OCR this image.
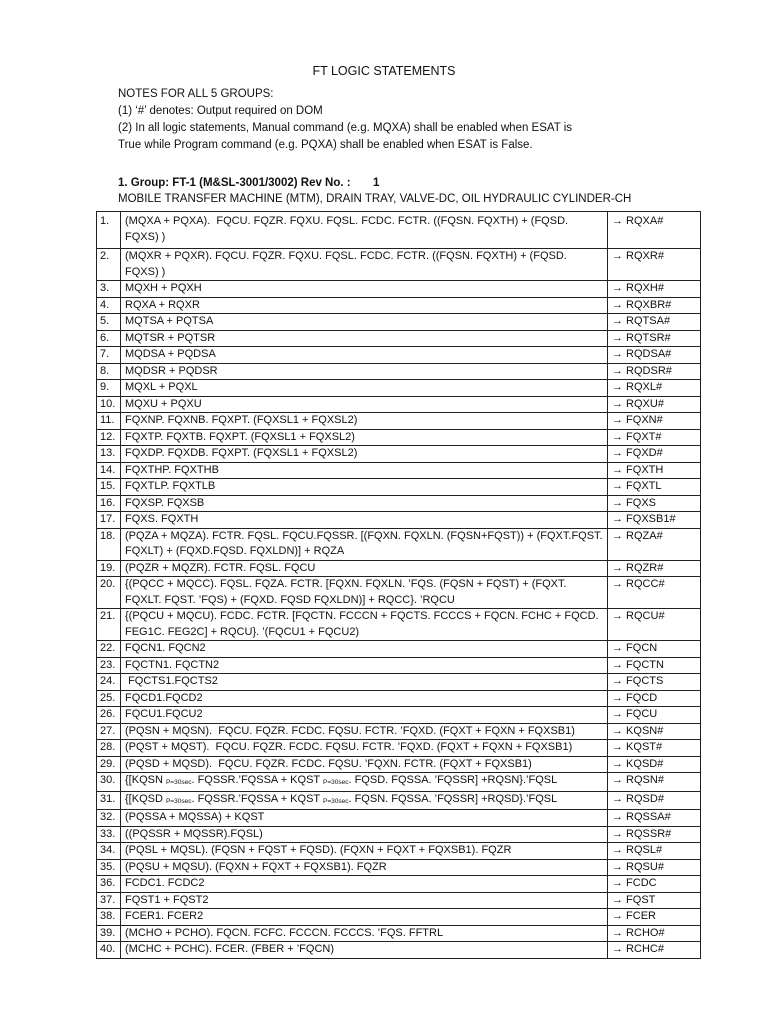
FT LOGIC STATEMENTS
NOTES FOR ALL 5 GROUPS:
(1) ‘#’ denotes: Output required on DOM
(2) In all logic statements, Manual command (e.g. MQXA) shall be enabled when ESAT is
True while Program command (e.g. PQXA) shall be enabled when ESAT is False.
1. Group: FT-1 (M&SL-3001/3002) Rev No. : 1
MOBILE TRANSFER MACHINE (MTM), DRAIN TRAY, VALVE-DC, OIL HYDRAULIC CYLINDER-CH
1.	(MQXA + PQXA).  FQCU. FQZR. FQXU. FQSL. FCDC. FCTR. ((FQSN. FQXTH) + (FQSD. FQXS) )	→ RQXA#
2.	(MQXR + PQXR). FQCU. FQZR. FQXU. FQSL. FCDC. FCTR. ((FQSN. FQXTH) + (FQSD. FQXS) )	→ RQXR#
3.	MQXH + PQXH	→ RQXH#
4.	RQXA + RQXR	→ RQXBR#
5.	MQTSA + PQTSA	→ RQTSA#
6.	MQTSR + PQTSR	→ RQTSR#
7.	MQDSA + PQDSA	→ RQDSA#
8.	MQDSR + PQDSR	→ RQDSR#
9.	MQXL + PQXL	→ RQXL#
10.	MQXU + PQXU	→ RQXU#
11.	FQXNP. FQXNB. FQXPT. (FQXSL1 + FQXSL2)	→ FQXN#
12.	FQXTP. FQXTB. FQXPT. (FQXSL1 + FQXSL2)	→ FQXT#
13.	FQXDP. FQXDB. FQXPT. (FQXSL1 + FQXSL2)	→ FQXD#
14.	FQXTHP. FQXTHB	→ FQXTH
15.	FQXTLP. FQXTLB	→ FQXTL
16.	FQXSP. FQXSB	→ FQXS
17.	FQXS. FQXTH	→ FQXSB1#
18.	(PQZA + MQZA). FCTR. FQSL. FQCU.FQSSR. [(FQXN. FQXLN. (FQSN+FQST)) + (FQXT.FQST. FQXLT) + (FQXD.FQSD. FQXLDN)] + RQZA	→ RQZA#
19.	(PQZR + MQZR). FCTR. FQSL. FQCU	→ RQZR#
20.	{(PQCC + MQCC). FQSL. FQZA. FCTR. [FQXN. FQXLN. ’FQS. (FQSN + FQST) + (FQXT. FQXLT. FQST. ’FQS) + (FQXD. FQSD FQXLDN)] + RQCC}. ’RQCU	→ RQCC#
21.	{(PQCU + MQCU). FCDC. FCTR. [FQCTN. FCCCN + FQCTS. FCCCS + FQCN. FCHC + FQCD. FEG1C. FEG2C] + RQCU}. ’(FQCU1 + FQCU2)	→ RQCU#
22.	FQCN1. FQCN2	→ FQCN
23.	FQCTN1. FQCTN2	→ FQCTN
24.	FQCTS1.FQCTS2	→ FQCTS
25.	FQCD1.FQCD2	→ FQCD
26.	FQCU1.FQCU2	→ FQCU
27.	(PQSN + MQSN).  FQCU. FQZR. FCDC. FQSU. FCTR. ’FQXD. (FQXT + FQXN + FQXSB1)	→ KQSN#
28.	(PQST + MQST).  FQCU. FQZR. FCDC. FQSU. FCTR. ’FQXD. (FQXT + FQXN + FQXSB1)	→ KQST#
29.	(PQSD + MQSD).  FQCU. FQZR. FCDC. FQSU. ’FQXN. FCTR. (FQXT + FQXSB1)	→ KQSD#
30.	{[KQSN $_{P=30sec}$. FQSSR.’FQSSA + KQST $_{P=30sec}$. FQSD. FQSSA. ’FQSSR] +RQSN}.’FQSL	→ RQSN#
31.	{[KQSD $_{P=30sec}$. FQSSR.’FQSSA + KQST $_{P=30sec}$. FQSN. FQSSA. ’FQSSR] +RQSD}.’FQSL	→ RQSD#
32.	(PQSSA + MQSSA) + KQST	→ RQSSA#
33.	((PQSSR + MQSSR).FQSL)	→ RQSSR#
34.	(PQSL + MQSL). (FQSN + FQST + FQSD). (FQXN + FQXT + FQXSB1). FQZR	→ RQSL#
35.	(PQSU + MQSU). (FQXN + FQXT + FQXSB1). FQZR	→ RQSU#
36.	FCDC1. FCDC2	→ FCDC
37.	FQST1 + FQST2	→ FQST
38.	FCER1. FCER2	→ FCER
39.	(MCHO + PCHO). FQCN. FCFC. FCCCN. FCCCS. ’FQS. FFTRL	→ RCHO#
40.	(MCHC + PCHC). FCER. (FBER + ’FQCN)	→ RCHC#
